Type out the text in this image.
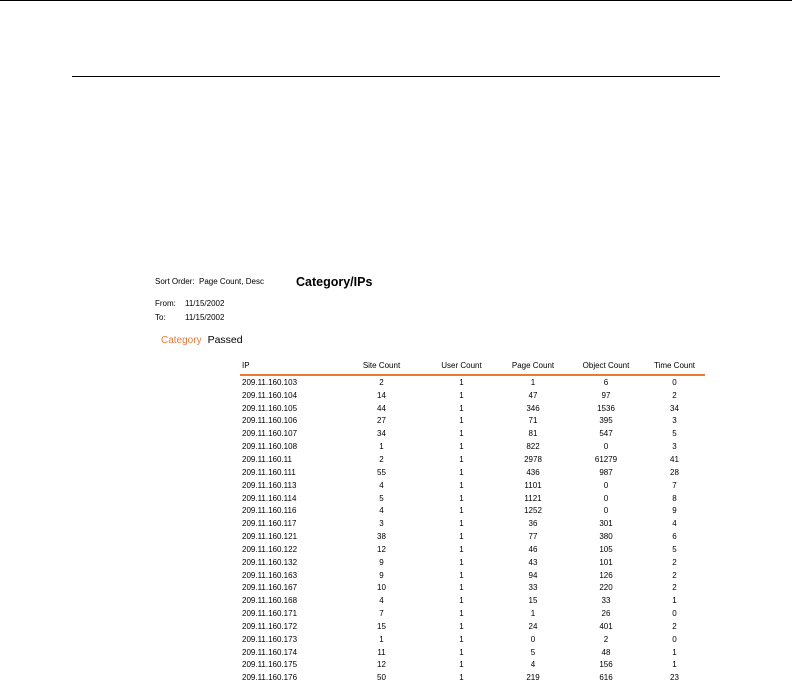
Sort Order:  Page Count, Desc	Category/IPs
From: 11/15/2002
To: 11/15/2002
Category Passed
IP	Site Count	User Count	Page Count	Object Count	Time Count
209.11.160.103	2	1	1	6	0
209.11.160.104	14	1	47	97	2
209.11.160.105	44	1	346	1536	34
209.11.160.106	27	1	71	395	3
209.11.160.107	34	1	81	547	5
209.11.160.108	1	1	822	0	3
209.11.160.11	2	1	2978	61279	41
209.11.160.111	55	1	436	987	28
209.11.160.113	4	1	1101	0	7
209.11.160.114	5	1	1121	0	8
209.11.160.116	4	1	1252	0	9
209.11.160.117	3	1	36	301	4
209.11.160.121	38	1	77	380	6
209.11.160.122	12	1	46	105	5
209.11.160.132	9	1	43	101	2
209.11.160.163	9	1	94	126	2
209.11.160.167	10	1	33	220	2
209.11.160.168	4	1	15	33	1
209.11.160.171	7	1	1	26	0
209.11.160.172	15	1	24	401	2
209.11.160.173	1	1	0	2	0
209.11.160.174	11	1	5	48	1
209.11.160.175	12	1	4	156	1
209.11.160.176	50	1	219	616	23
